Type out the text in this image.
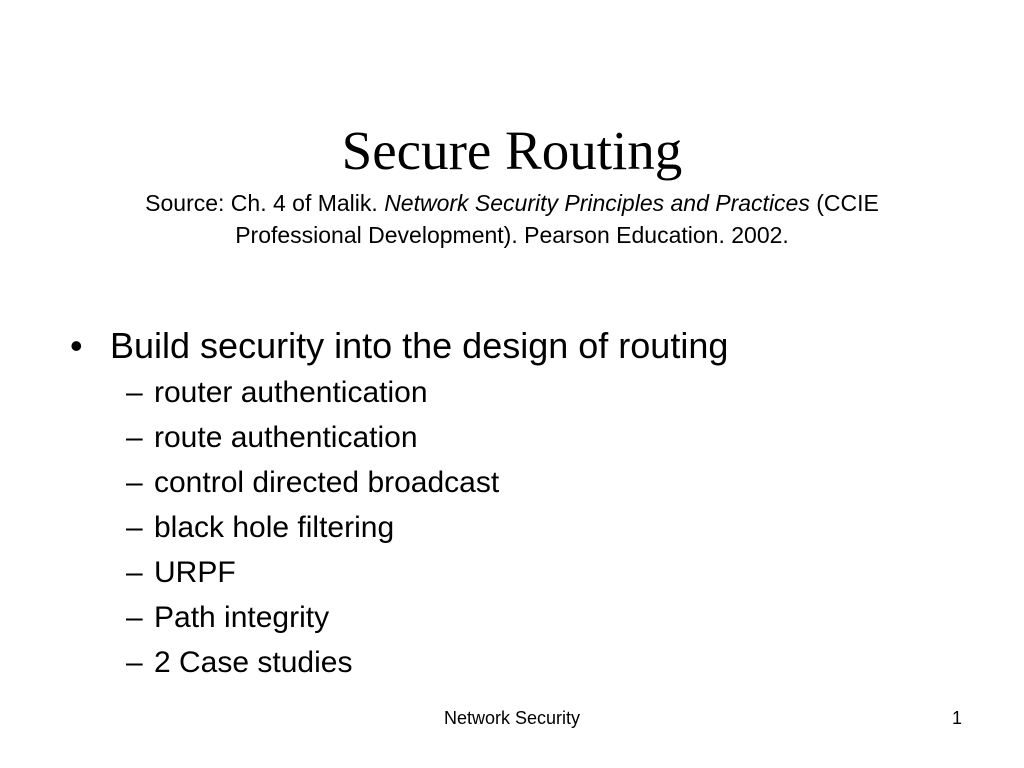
Secure Routing
Source: Ch. 4 of Malik. Network Security Principles and Practices (CCIE Professional Development). Pearson Education. 2002.
• Build security into the design of routing
– router authentication
– route authentication
– control directed broadcast
– black hole filtering
– URPF
– Path integrity
– 2 Case studies
Network Security	1
